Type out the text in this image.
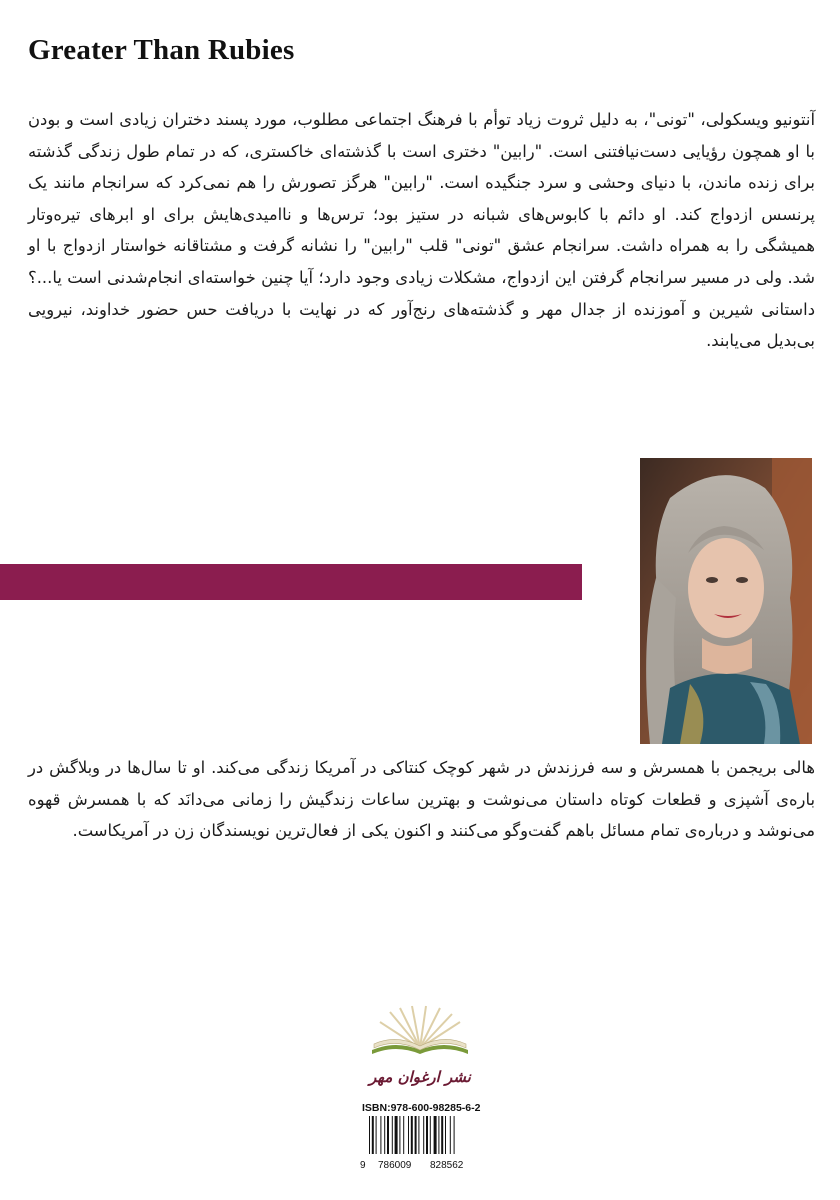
Greater Than Rubies
آنتونیو ویسکولی، "تونی"، به دلیل ثروت زیاد توأم با فرهنگ اجتماعی مطلوب، مورد پسند دختران زیادی است و بودن با او همچون رؤیایی دست‌نیافتنی است. "رابین" دختری است با گذشته‌ای خاکستری، که در تمام طول زندگی گذشته برای زنده ماندن، با دنیای وحشی و سرد جنگیده است. "رابین" هرگز تصورش را هم نمی‌کرد که سرانجام مانند یک پرنسس ازدواج کند. او دائم با کابوس‌های شبانه در ستیز بود؛ ترس‌ها و ناامیدی‌هایش برای او ابرهای تیره‌وتار همیشگی را به همراه داشت. سرانجام عشق "تونی" قلب "رابین" را نشانه گرفت و مشتاقانه خواستار ازدواج با او شد. ولی در مسیر سرانجام گرفتن این ازدواج، مشکلات زیادی وجود دارد؛ آیا چنین خواسته‌ای انجام‌شدنی است یا...؟ داستانی شیرین و آموزنده از جدال مهر و گذشته‌های رنج‌آور که در نهایت با دریافت حس حضور خداوند، نیرویی بی‌بدیل می‌یابند.
هالی بریجمن با همسرش و سه فرزندش در شهر کوچک کنتاکی در آمریکا زندگی می‌کند. او تا سال‌ها در وبلاگش در باره‌ی آشپزی و قطعات کوتاه داستان می‌نوشت و بهترین ساعات زندگیش را زمانی می‌دانَد که با همسرش قهوه می‌نوشد و درباره‌ی تمام مسائل باهم گفت‌وگو می‌کنند و اکنون یکی از فعال‌ترین نویسندگان زن در آمریکاست.
نشر ارغوان مهر
ISBN:978-600-98285-6-2
9 786009 828562
